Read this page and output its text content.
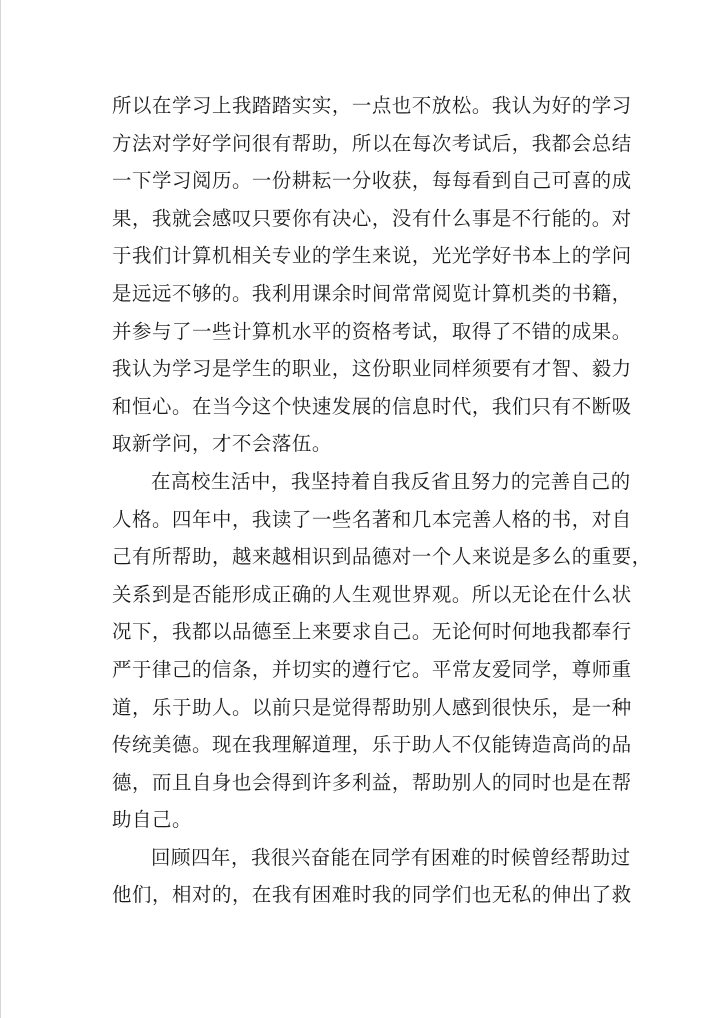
所以在学习上我踏踏实实，一点也不放松。我认为好的学习
方法对学好学问很有帮助，所以在每次考试后，我都会总结
一下学习阅历。一份耕耘一分收获，每每看到自己可喜的成
果，我就会感叹只要你有决心，没有什么事是不行能的。对
于我们计算机相关专业的学生来说，光光学好书本上的学问
是远远不够的。我利用课余时间常常阅览计算机类的书籍，
并参与了一些计算机水平的资格考试，取得了不错的成果。
我认为学习是学生的职业，这份职业同样须要有才智、毅力
和恒心。在当今这个快速发展的信息时代，我们只有不断吸
取新学问，才不会落伍。
在高校生活中，我坚持着自我反省且努力的完善自己的
人格。四年中，我读了一些名著和几本完善人格的书，对自
己有所帮助，越来越相识到品德对一个人来说是多么的重要，
关系到是否能形成正确的人生观世界观。所以无论在什么状
况下，我都以品德至上来要求自己。无论何时何地我都奉行
严于律己的信条，并切实的遵行它。平常友爱同学，尊师重
道，乐于助人。以前只是觉得帮助别人感到很快乐，是一种
传统美德。现在我理解道理，乐于助人不仅能铸造高尚的品
德，而且自身也会得到许多利益，帮助别人的同时也是在帮
助自己。
回顾四年，我很兴奋能在同学有困难的时候曾经帮助过
他们，相对的，在我有困难时我的同学们也无私的伸出了救
